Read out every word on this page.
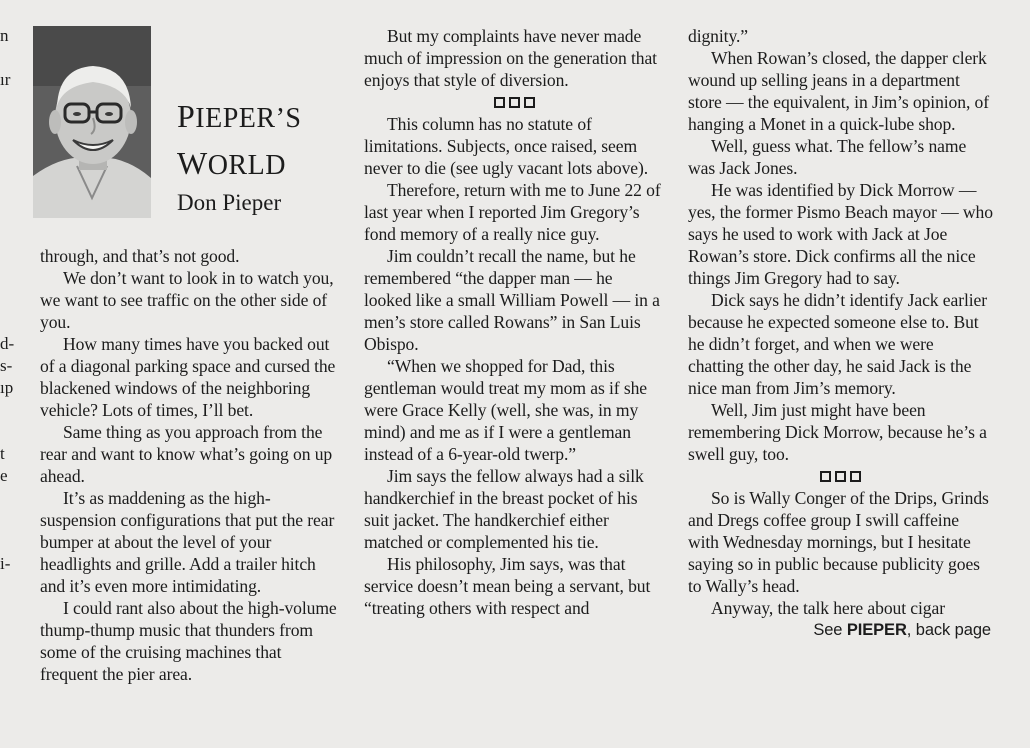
n
ır
d-
s-
ıp
t
e
i-
PIEPER’S
WORLD
Don Pieper

through, and that’s not good.

We don’t want to look in to watch you, we want to see traffic on the other side of you.

How many times have you backed out of a diagonal parking space and cursed the blackened windows of the neighboring vehicle? Lots of times, I’ll bet.

Same thing as you approach from the rear and want to know what’s going on up ahead.

It’s as maddening as the high-suspension configurations that put the rear bumper at about the level of your headlights and grille. Add a trailer hitch and it’s even more intimidating.

I could rant also about the high-volume thump-thump music that thunders from some of the cruising machines that frequent the pier area.

But my complaints have never made much of impression on the generation that enjoys that style of diversion.

This column has no statute of limitations. Subjects, once raised, seem never to die (see ugly vacant lots above).

Therefore, return with me to June 22 of last year when I reported Jim Gregory’s fond memory of a really nice guy.

Jim couldn’t recall the name, but he remembered “the dapper man — he looked like a small William Powell — in a men’s store called Rowans” in San Luis Obispo.

“When we shopped for Dad, this gentleman would treat my mom as if she were Grace Kelly (well, she was, in my mind) and me as if I were a gentleman instead of a 6-year-old twerp.”

Jim says the fellow always had a silk handkerchief in the breast pocket of his suit jacket. The handkerchief either matched or complemented his tie.

His philosophy, Jim says, was that service doesn’t mean being a servant, but “treating others with respect and

dignity.”

When Rowan’s closed, the dapper clerk wound up selling jeans in a department store — the equivalent, in Jim’s opinion, of hanging a Monet in a quick-lube shop.

Well, guess what. The fellow’s name was Jack Jones.

He was identified by Dick Morrow — yes, the former Pismo Beach mayor — who says he used to work with Jack at Joe Rowan’s store. Dick confirms all the nice things Jim Gregory had to say.

Dick says he didn’t identify Jack earlier because he expected someone else to. But he didn’t forget, and when we were chatting the other day, he said Jack is the nice man from Jim’s memory.

Well, Jim just might have been remembering Dick Morrow, because he’s a swell guy, too.

So is Wally Conger of the Drips, Grinds and Dregs coffee group I swill caffeine with Wednesday mornings, but I hesitate saying so in public because publicity goes to Wally’s head.

Anyway, the talk here about cigar

See PIEPER, back page
